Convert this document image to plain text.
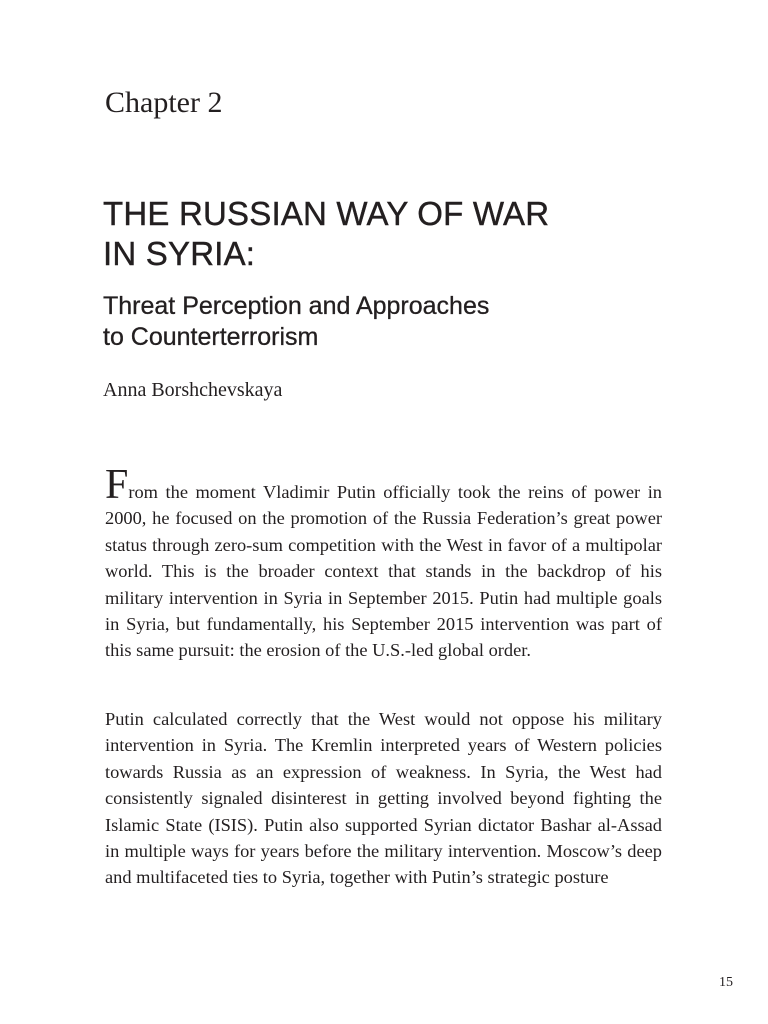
Chapter 2

THE RUSSIAN WAY OF WAR
IN SYRIA:
Threat Perception and Approaches
to Counterterrorism

Anna Borshchevskaya

From the moment Vladimir Putin officially took the reins of power in 2000, he focused on the promotion of the Russia Federation’s great power status through zero-sum competition with the West in favor of a multipolar world. This is the broader context that stands in the backdrop of his military intervention in Syria in September 2015. Putin had multiple goals in Syria, but fundamentally, his September 2015 intervention was part of this same pursuit: the erosion of the U.S.-led global order.

Putin calculated correctly that the West would not oppose his military intervention in Syria. The Kremlin interpreted years of Western policies towards Russia as an expression of weakness. In Syria, the West had consistently signaled disinterest in getting involved beyond fighting the Islamic State (ISIS). Putin also supported Syrian dictator Bashar al-Assad in multiple ways for years before the military intervention. Moscow’s deep and multifaceted ties to Syria, together with Putin’s strategic posture

15
